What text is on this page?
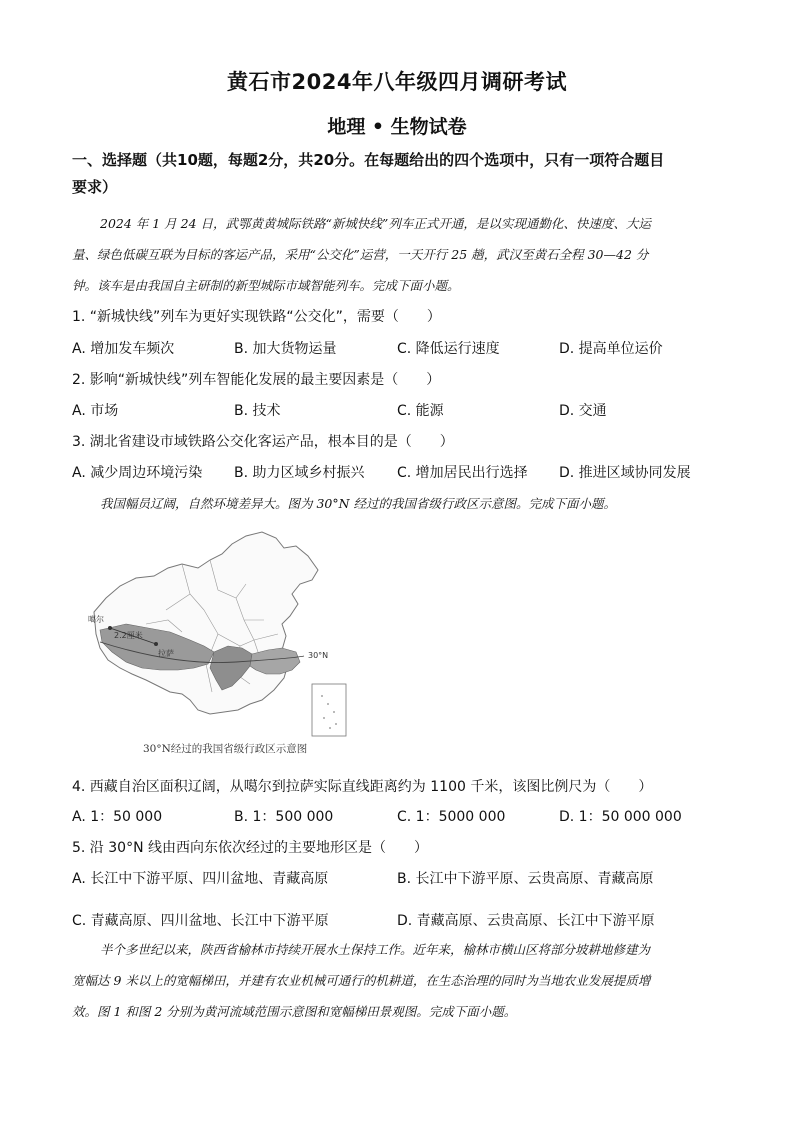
黄石市2024年八年级四月调研考试
地理 • 生物试卷
一、选择题（共10题，每题2分，共20分。在每题给出的四个选项中，只有一项符合题目
要求）
2024 年 1 月 24 日，武鄂黄黄城际铁路“新城快线”列车正式开通，是以实现通勤化、快速度、大运
量、绿色低碳互联为目标的客运产品，采用“公交化”运营，一天开行 25 趟，武汉至黄石全程 30—42 分
钟。该车是由我国自主研制的新型城际市域智能列车。完成下面小题。
1. “新城快线”列车为更好实现铁路“公交化”，需要（　　）
A. 增加发车频次	B. 加大货物运量	C. 降低运行速度	D. 提高单位运价
2. 影响“新城快线”列车智能化发展的最主要因素是（　　）
A. 市场	B. 技术	C. 能源	D. 交通
3. 湖北省建设市域铁路公交化客运产品，根本目的是（　　）
A. 减少周边环境污染 B. 助力区域乡村振兴 C. 增加居民出行选择 D. 推进区域协同发展
我国幅员辽阔，自然环境差异大。图为 30°N 经过的我国省级行政区示意图。完成下面小题。
2.2厘米
噶尔
拉萨	30°N
30°N经过的我国省级行政区示意图
4. 西藏自治区面积辽阔，从噶尔到拉萨实际直线距离约为 1100 千米，该图比例尺为（　　）
A. 1：50 000	B. 1：500 000	C. 1：5000 000	D. 1：50 000 000
5. 沿 30°N 线由西向东依次经过的主要地形区是（　　）
A. 长江中下游平原、四川盆地、青藏高原	B. 长江中下游平原、云贵高原、青藏高原
C. 青藏高原、四川盆地、长江中下游平原	D. 青藏高原、云贵高原、长江中下游平原
半个多世纪以来，陕西省榆林市持续开展水土保持工作。近年来，榆林市横山区将部分坡耕地修建为
宽幅达 9 米以上的宽幅梯田，并建有农业机械可通行的机耕道，在生态治理的同时为当地农业发展提质增
效。图 1 和图 2 分别为黄河流域范围示意图和宽幅梯田景观图。完成下面小题。
